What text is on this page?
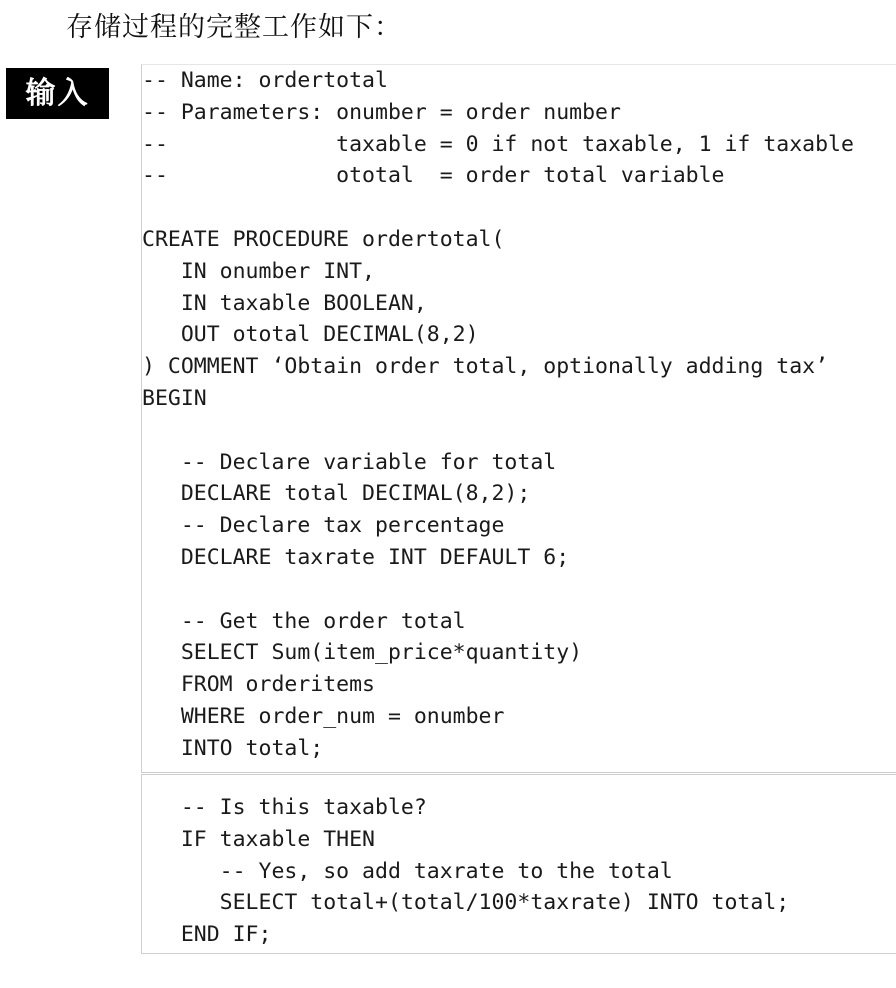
存储过程的完整工作如下：
输入	-- Name: ordertotal
-- Parameters: onumber = order number
--             taxable = 0 if not taxable, 1 if taxable
--             ototal  = order total variable
CREATE PROCEDURE ordertotal(
IN onumber INT,
IN taxable BOOLEAN,
OUT ototal DECIMAL(8,2)
) COMMENT ‘Obtain order total, optionally adding tax’
BEGIN
-- Declare variable for total
DECLARE total DECIMAL(8,2);
-- Declare tax percentage
DECLARE taxrate INT DEFAULT 6;
-- Get the order total
SELECT Sum(item_price*quantity)
FROM orderitems
WHERE order_num = onumber
INTO total;
-- Is this taxable?
IF taxable THEN
-- Yes, so add taxrate to the total
SELECT total+(total/100*taxrate) INTO total;
END IF;
